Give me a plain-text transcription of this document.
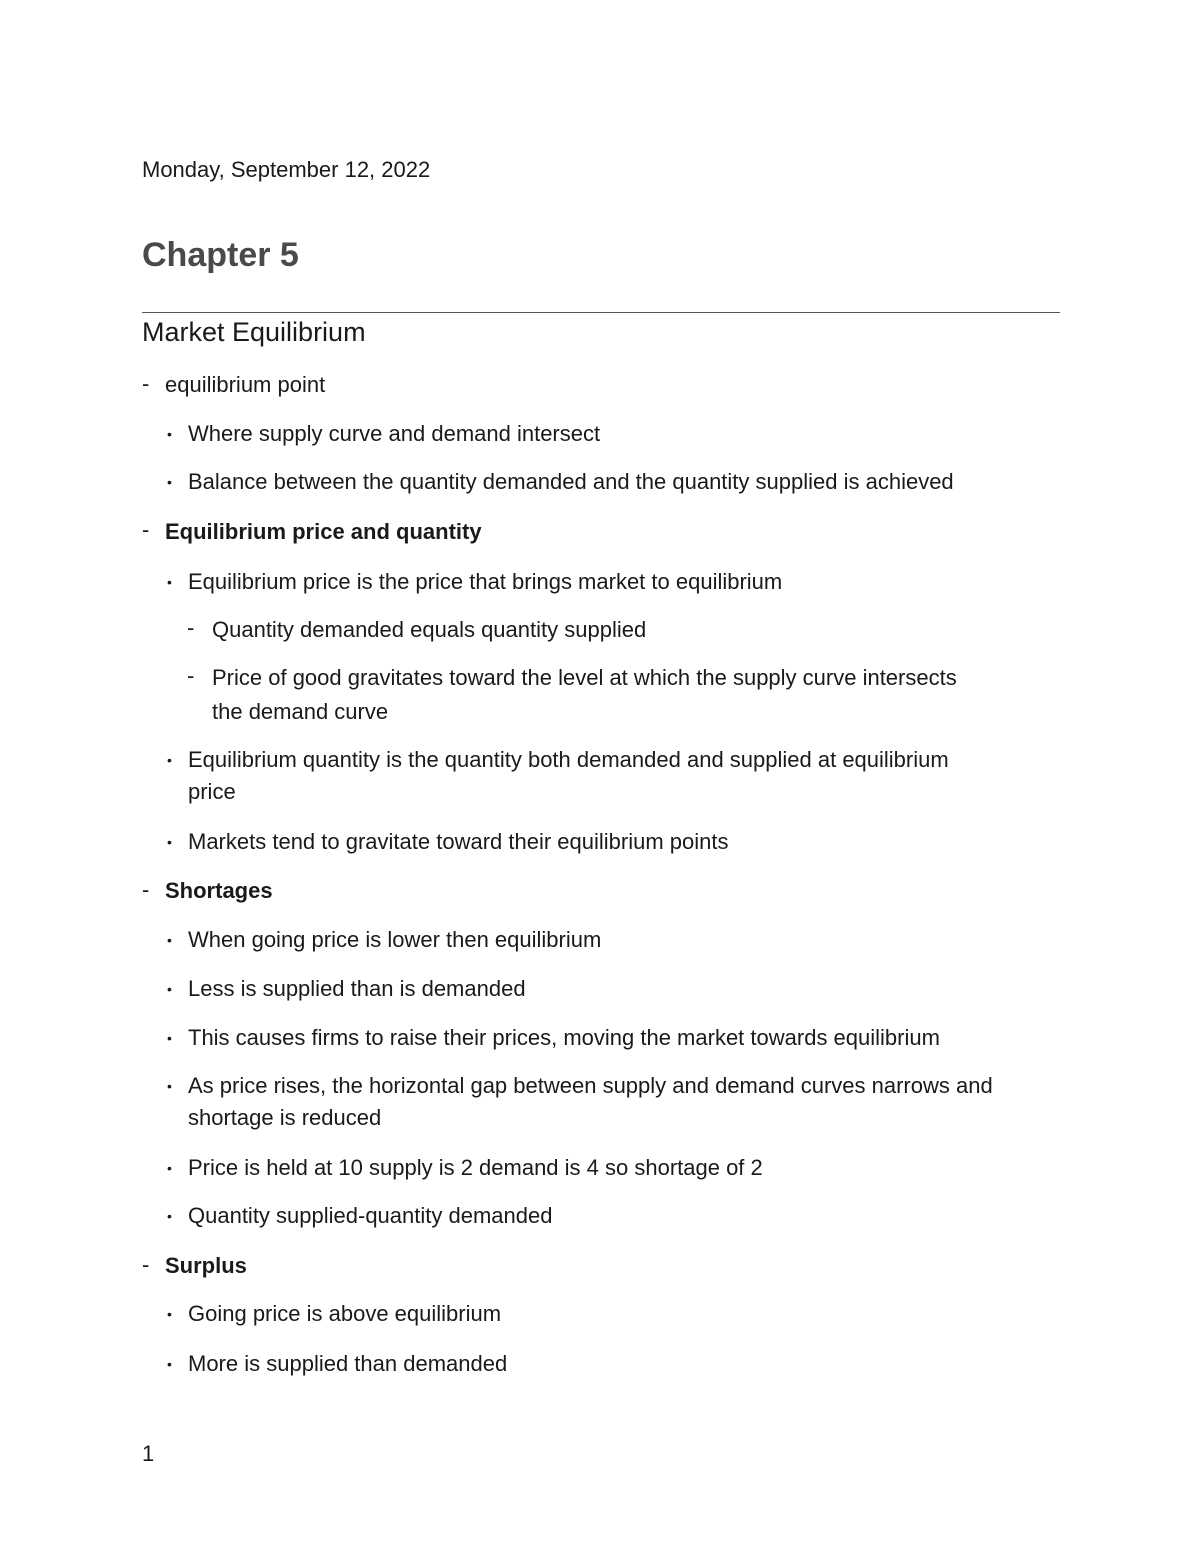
Monday, September 12, 2022
Chapter 5
Market Equilibrium
- equilibrium point
• Where supply curve and demand intersect
• Balance between the quantity demanded and the quantity supplied is achieved
- Equilibrium price and quantity
• Equilibrium price is the price that brings market to equilibrium
- Quantity demanded equals quantity supplied
- Price of good gravitates toward the level at which the supply curve intersects
the demand curve
• Equilibrium quantity is the quantity both demanded and supplied at equilibrium
price
• Markets tend to gravitate toward their equilibrium points
- Shortages
• When going price is lower then equilibrium
• Less is supplied than is demanded
• This causes firms to raise their prices, moving the market towards equilibrium
• As price rises, the horizontal gap between supply and demand curves narrows and
shortage is reduced
• Price is held at 10 supply is 2 demand is 4 so shortage of 2
• Quantity supplied-quantity demanded
- Surplus
• Going price is above equilibrium
• More is supplied than demanded
1
